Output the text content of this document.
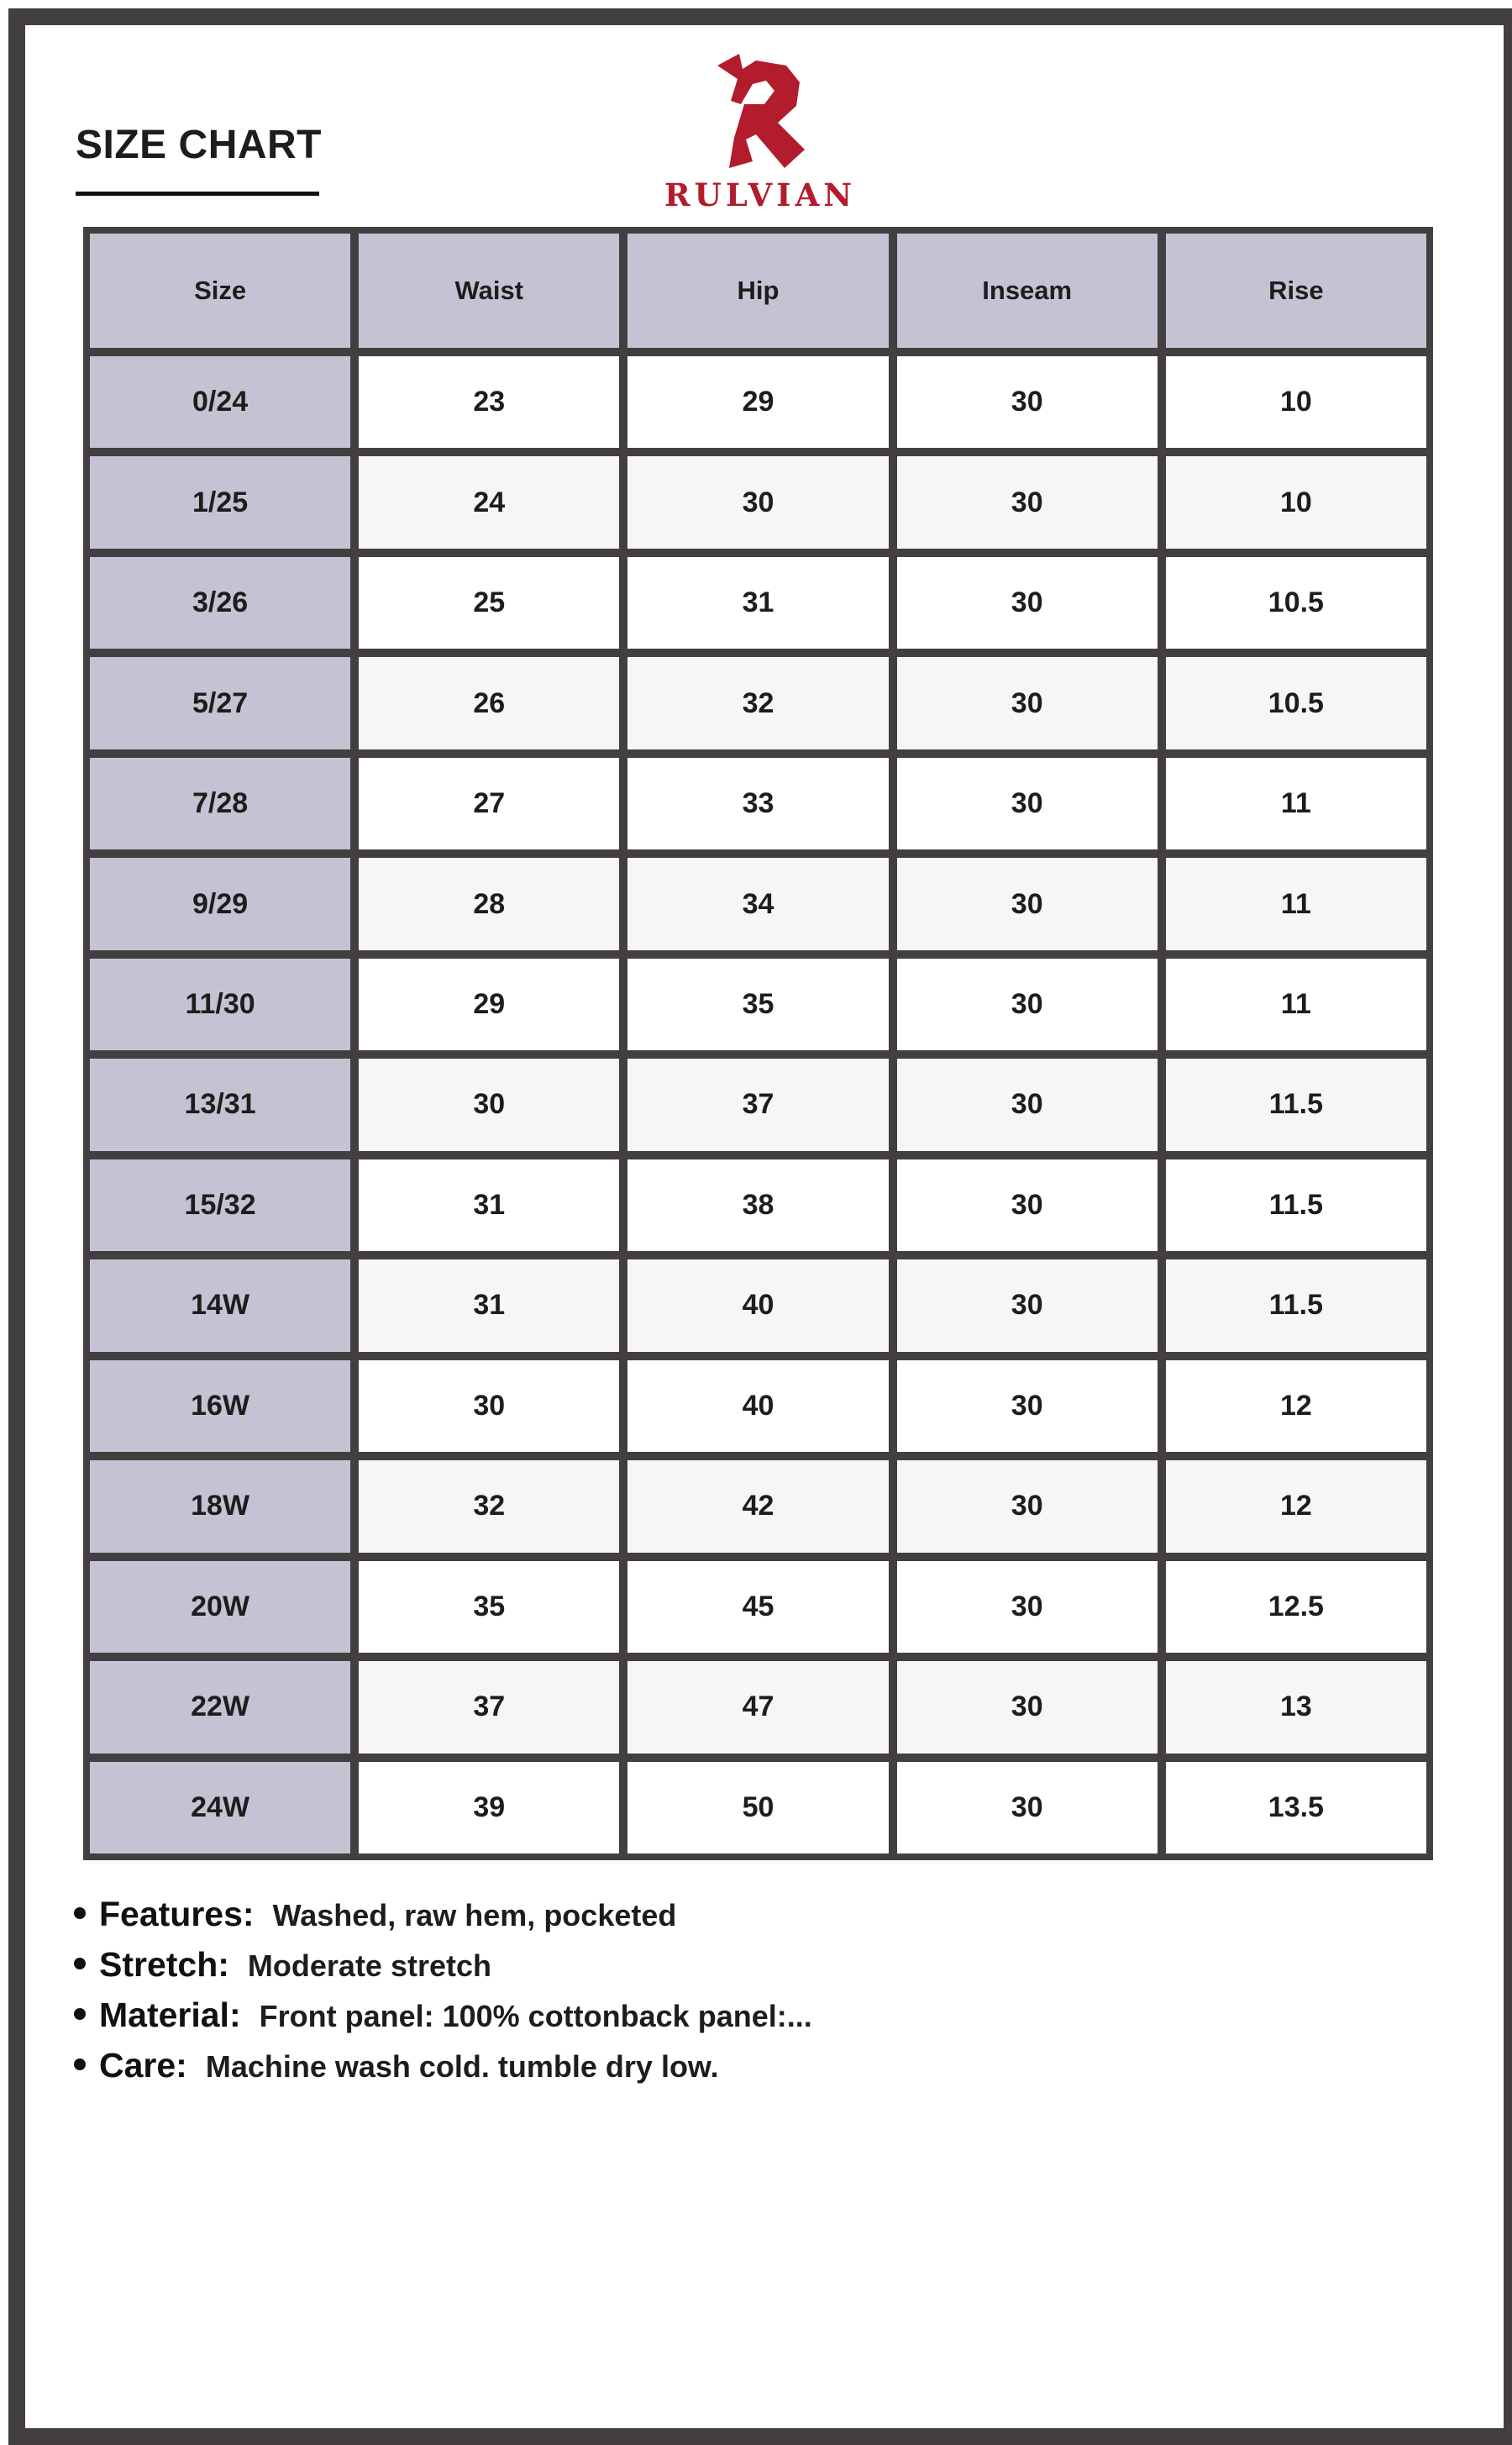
SIZE CHART
RULVIAN
Size	Waist	Hip	Inseam	Rise
0/24	23	29	30	10
1/25	24	30	30	10
3/26	25	31	30	10.5
5/27	26	32	30	10.5
7/28	27	33	30	11
9/29	28	34	30	11
11/30	29	35	30	11
13/31	30	37	30	11.5
15/32	31	38	30	11.5
14W	31	40	30	11.5
16W	30	40	30	12
18W	32	42	30	12
20W	35	45	30	12.5
22W	37	47	30	13
24W	39	50	30	13.5
Features: Washed, raw hem, pocketed
Stretch: Moderate stretch
Material: Front panel: 100% cottonback panel:...
Care: Machine wash cold. tumble dry low.
